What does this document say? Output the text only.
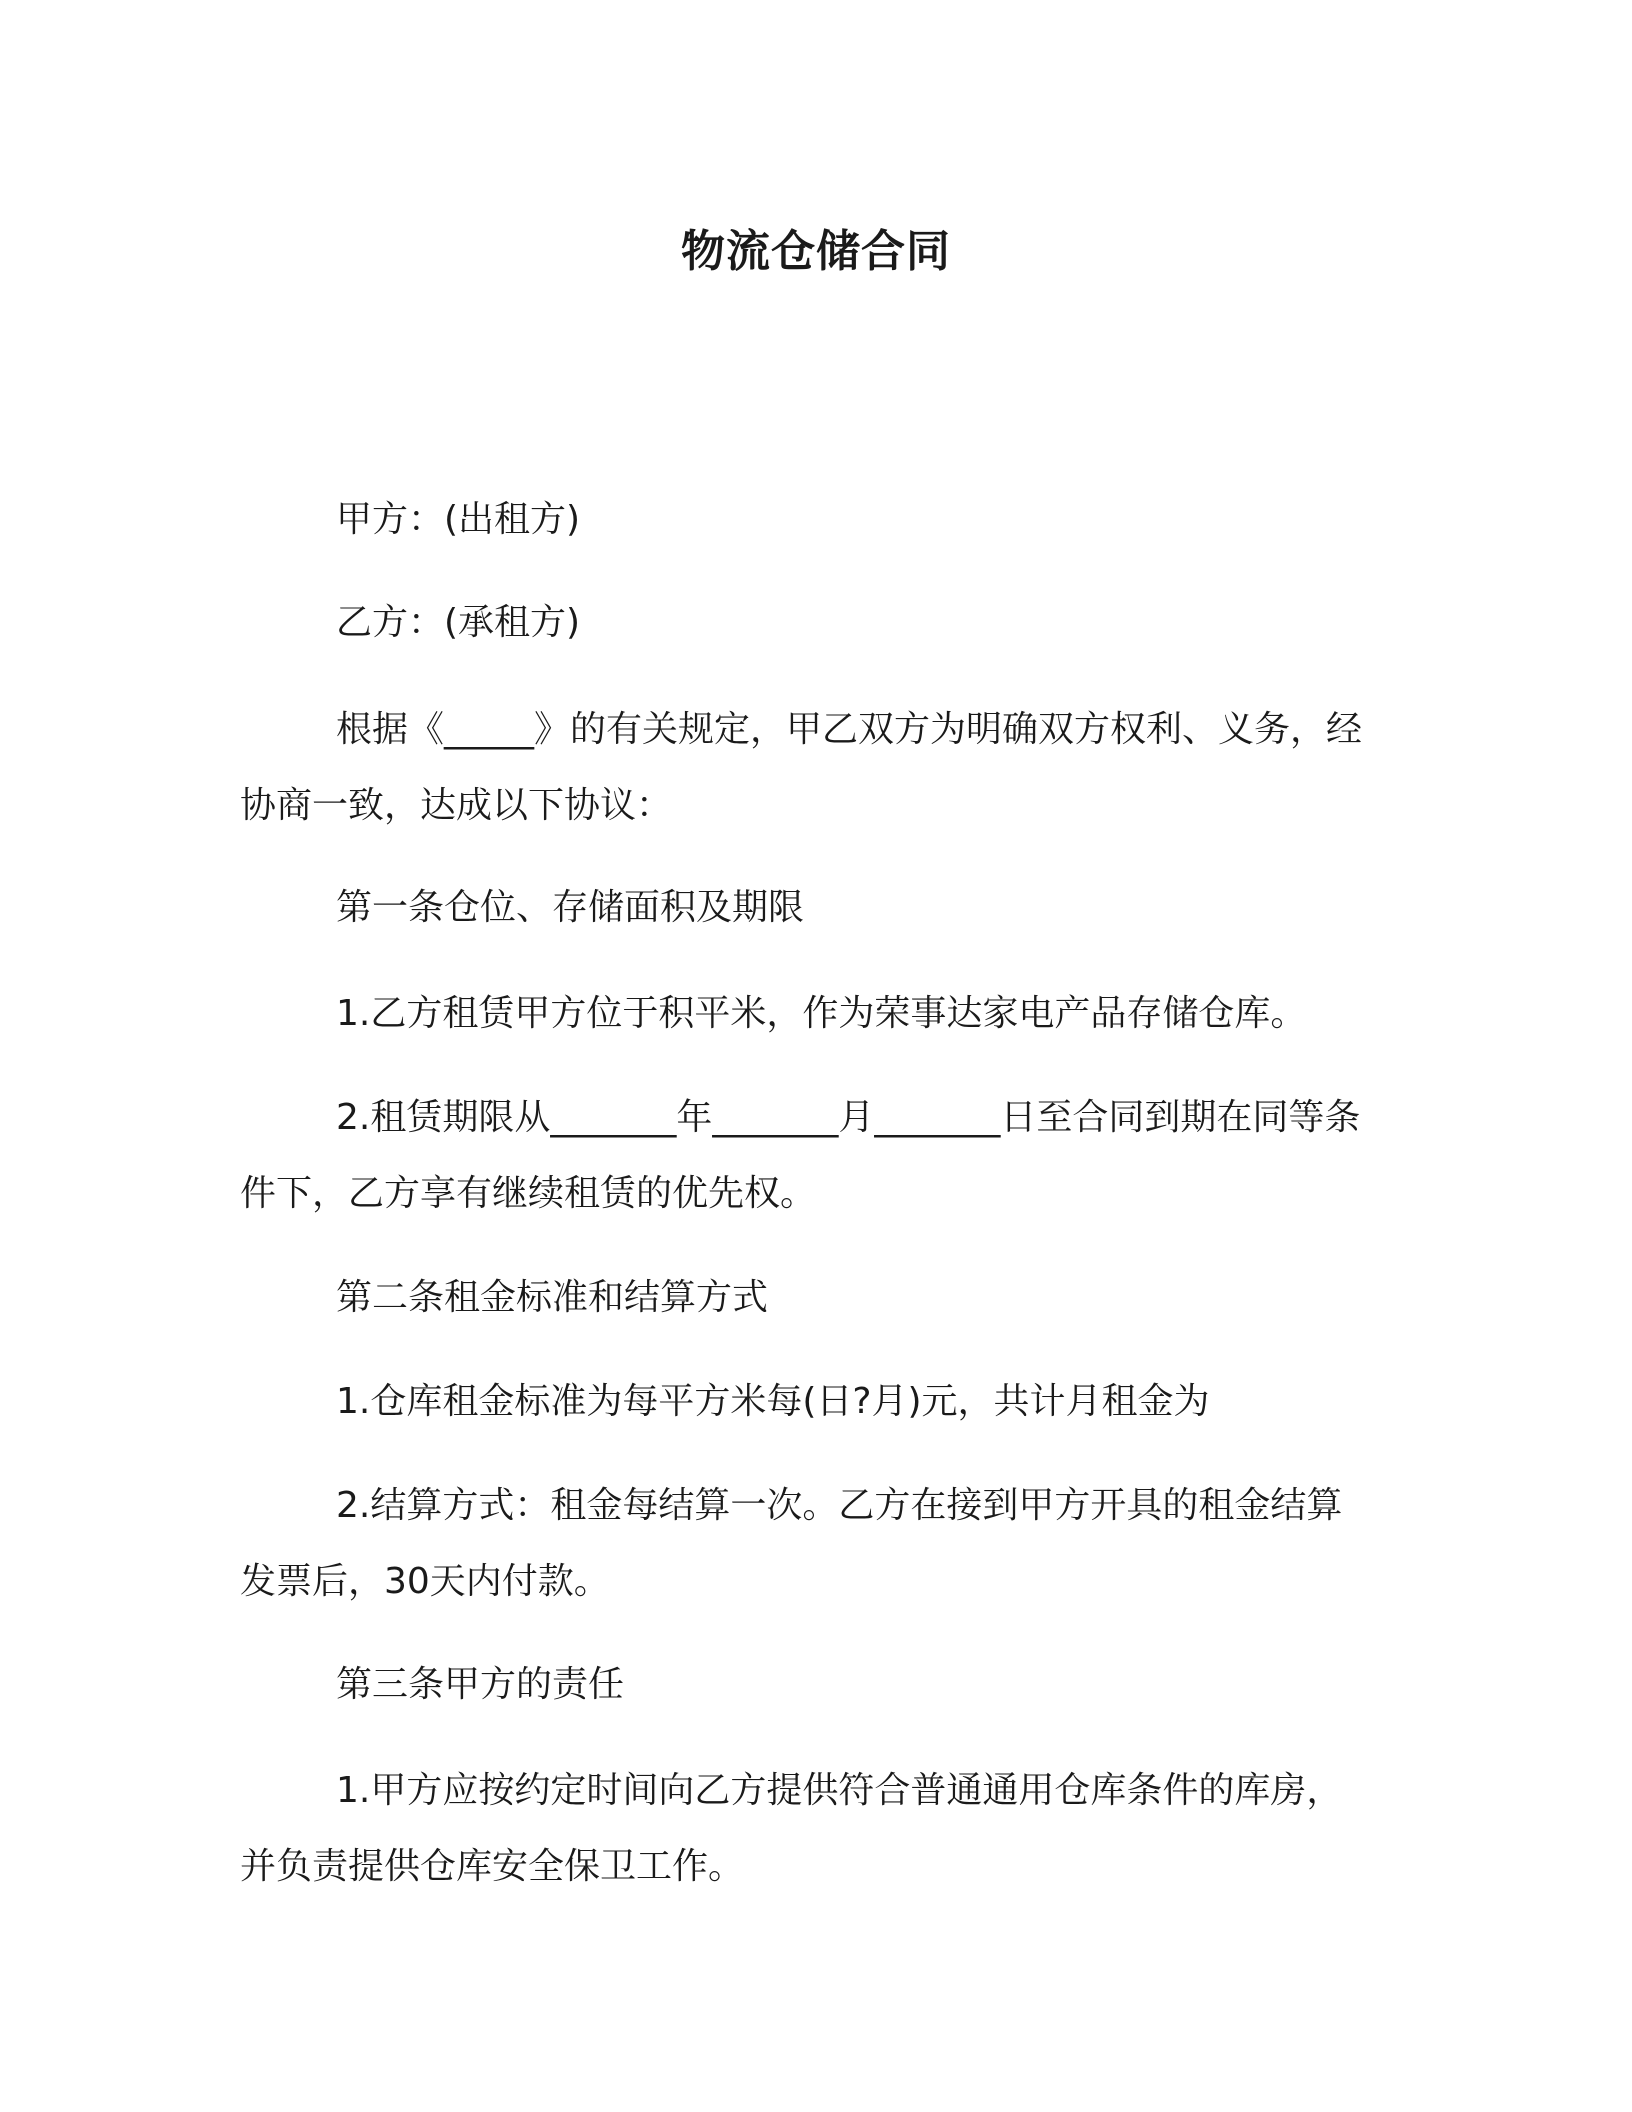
物流仓储合同

甲方：(出租方)

乙方：(承租方)

根据《_____》的有关规定，甲乙双方为明确双方权利、义务，经协商一致，达成以下协议：

第一条仓位、存储面积及期限

1.乙方租赁甲方位于积平米，作为荣事达家电产品存储仓库。

2.租赁期限从_______年_______月_______日至合同到期在同等条件下，乙方享有继续租赁的优先权。

第二条租金标准和结算方式

1.仓库租金标准为每平方米每(日?月)元，共计月租金为

2.结算方式：租金每结算一次。乙方在接到甲方开具的租金结算发票后，30天内付款。

第三条甲方的责任

1.甲方应按约定时间向乙方提供符合普通通用仓库条件的库房，并负责提供仓库安全保卫工作。
